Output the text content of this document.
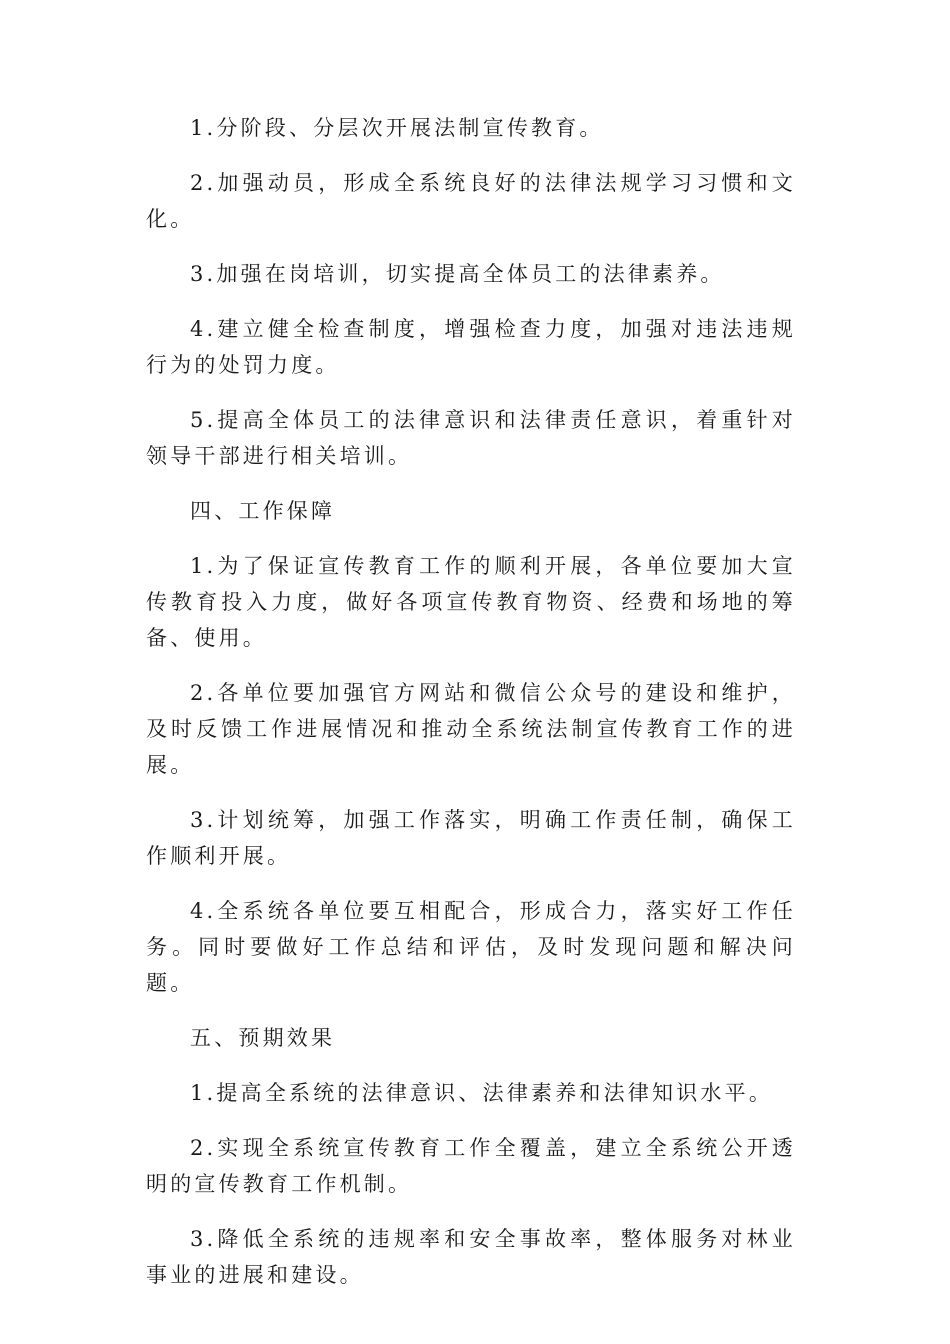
1.分阶段、分层次开展法制宣传教育。

2.加强动员，形成全系统良好的法律法规学习习惯和文化。

3.加强在岗培训，切实提高全体员工的法律素养。

4.建立健全检查制度，增强检查力度，加强对违法违规行为的处罚力度。

5.提高全体员工的法律意识和法律责任意识，着重针对领导干部进行相关培训。

四、工作保障

1.为了保证宣传教育工作的顺利开展，各单位要加大宣传教育投入力度，做好各项宣传教育物资、经费和场地的筹备、使用。

2.各单位要加强官方网站和微信公众号的建设和维护，及时反馈工作进展情况和推动全系统法制宣传教育工作的进展。

3.计划统筹，加强工作落实，明确工作责任制，确保工作顺利开展。

4.全系统各单位要互相配合，形成合力，落实好工作任务。同时要做好工作总结和评估，及时发现问题和解决问题。

五、预期效果

1.提高全系统的法律意识、法律素养和法律知识水平。

2.实现全系统宣传教育工作全覆盖，建立全系统公开透明的宣传教育工作机制。

3.降低全系统的违规率和安全事故率，整体服务对林业事业的进展和建设。
